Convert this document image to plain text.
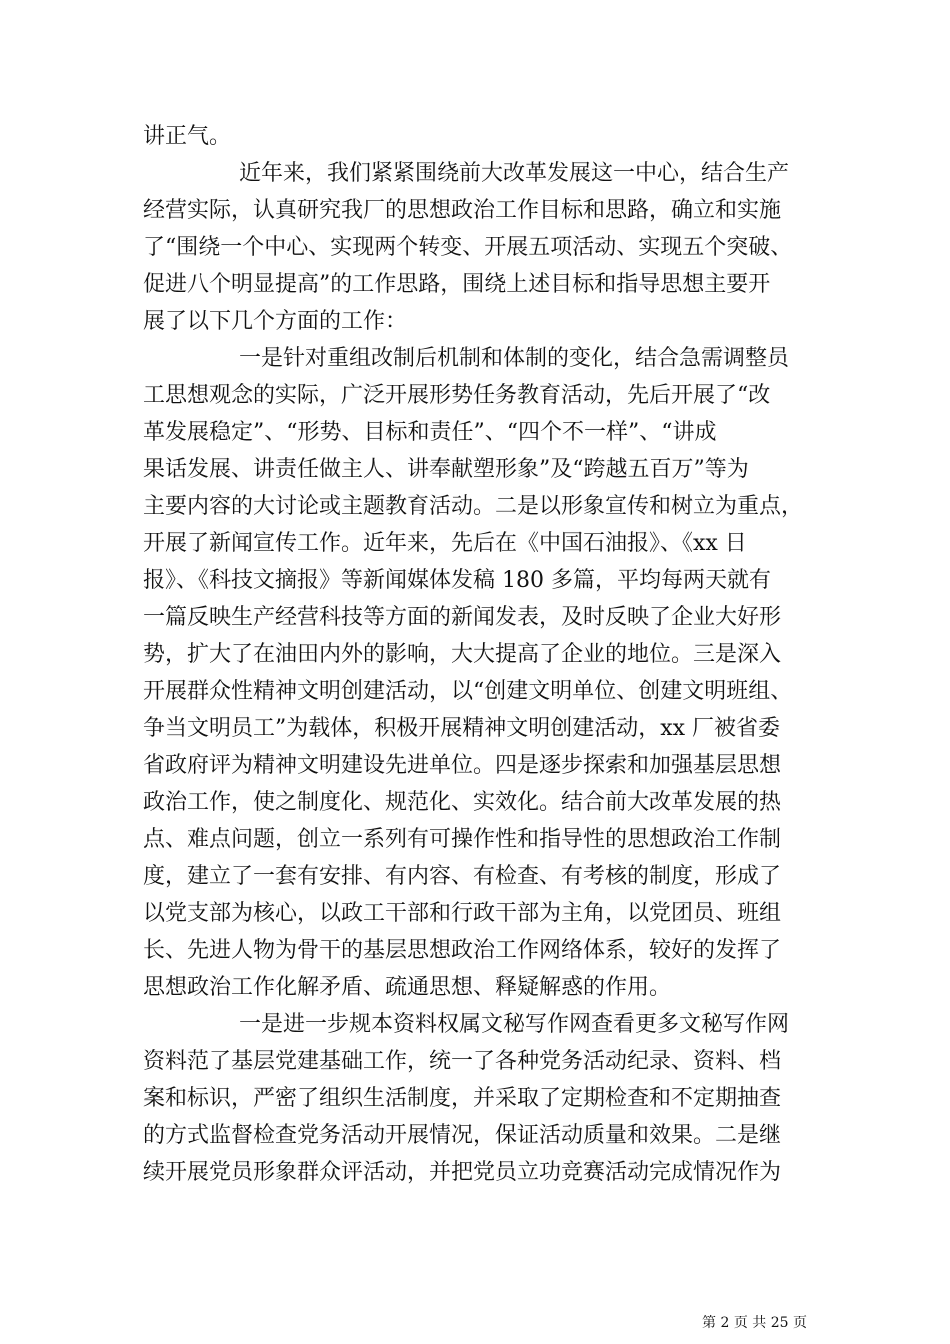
讲正气。
近年来，我们紧紧围绕前大改革发展这一中心，结合生产
经营实际，认真研究我厂的思想政治工作目标和思路，确立和实施
了“围绕一个中心、实现两个转变、开展五项活动、实现五个突破、
促进八个明显提高”的工作思路，围绕上述目标和指导思想主要开
展了以下几个方面的工作：
一是针对重组改制后机制和体制的变化，结合急需调整员
工思想观念的实际，广泛开展形势任务教育活动，先后开展了“改
革发展稳定”、“形势、目标和责任”、“四个不一样”、“讲成
果话发展、讲责任做主人、讲奉献塑形象”及“跨越五百万”等为
主要内容的大讨论或主题教育活动。二是以形象宣传和树立为重点，
开展了新闻宣传工作。近年来，先后在《中国石油报》、《xx 日
报》、《科技文摘报》等新闻媒体发稿 180 多篇，平均每两天就有
一篇反映生产经营科技等方面的新闻发表，及时反映了企业大好形
势，扩大了在油田内外的影响，大大提高了企业的地位。三是深入
开展群众性精神文明创建活动，以“创建文明单位、创建文明班组、
争当文明员工”为载体，积极开展精神文明创建活动，xx 厂被省委
省政府评为精神文明建设先进单位。四是逐步探索和加强基层思想
政治工作，使之制度化、规范化、实效化。结合前大改革发展的热
点、难点问题，创立一系列有可操作性和指导性的思想政治工作制
度，建立了一套有安排、有内容、有检查、有考核的制度，形成了
以党支部为核心，以政工干部和行政干部为主角，以党团员、班组
长、先进人物为骨干的基层思想政治工作网络体系，较好的发挥了
思想政治工作化解矛盾、疏通思想、释疑解惑的作用。
一是进一步规本资料权属文秘写作网查看更多文秘写作网
资料范了基层党建基础工作，统一了各种党务活动纪录、资料、档
案和标识，严密了组织生活制度，并采取了定期检查和不定期抽查
的方式监督检查党务活动开展情况，保证活动质量和效果。二是继
续开展党员形象群众评活动，并把党员立功竞赛活动完成情况作为
第 2 页 共 25 页
